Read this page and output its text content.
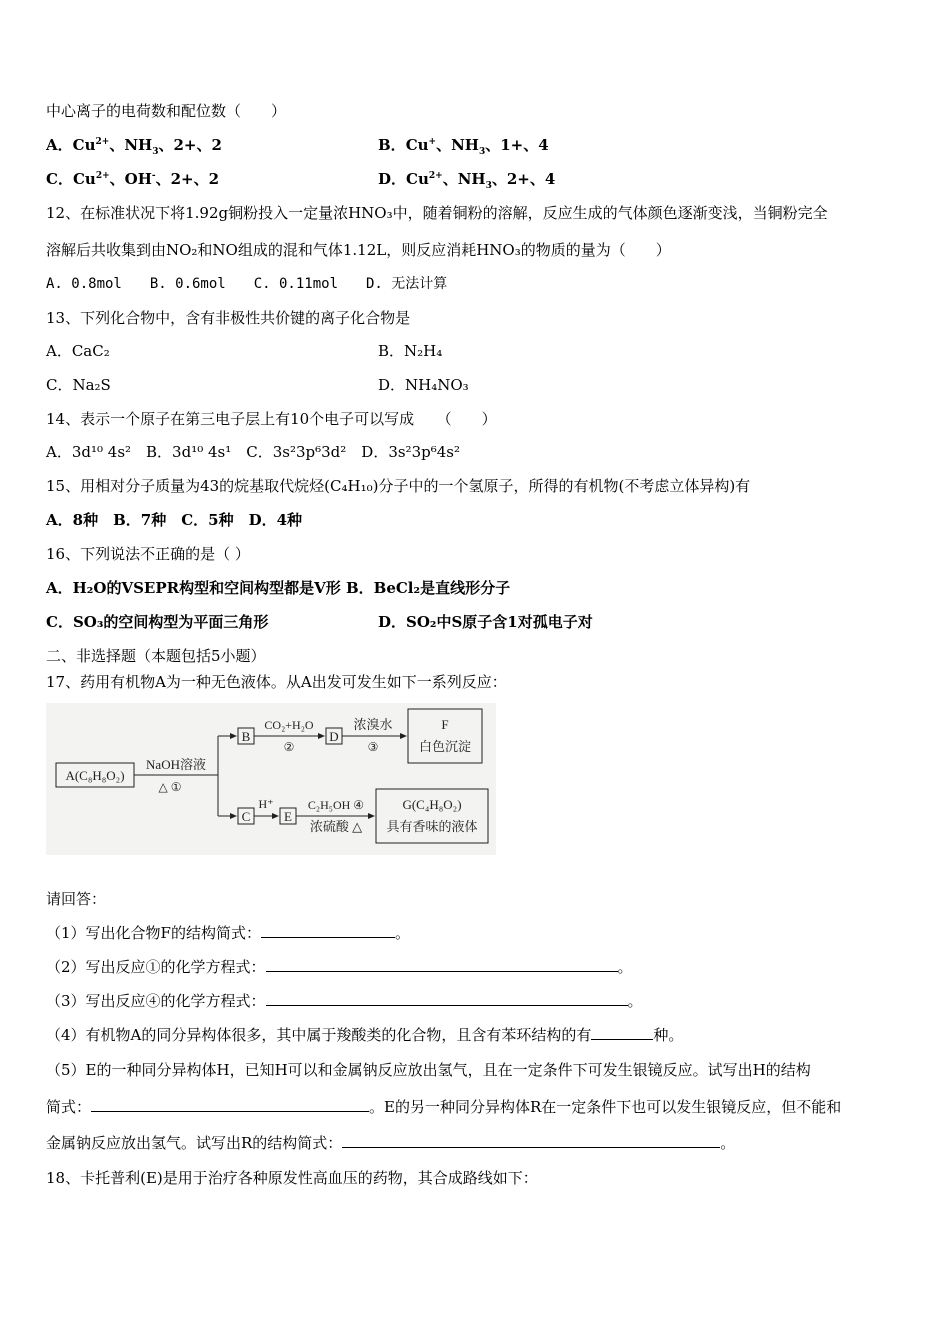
中心离子的电荷数和配位数（　　）
A．$Cu^{2+}$、$NH_3$、2+、2	B．Cu+、$NH_3$、1+、4
C．$Cu^{2+}$、OH-、2+、2	D．$Cu^{2+}$、$NH_3$、2+、4
12、在标准状况下将1.92g铜粉投入一定量浓HNO₃中，随着铜粉的溶解，反应生成的气体颜色逐渐变浅，当铜粉完全
溶解后共收集到由NO₂和NO组成的混和气体1.12L，则反应消耗HNO₃的物质的量为（　　）
A. 0.8mol　　B. 0.6mol　　C. 0.11mol　　D. 无法计算
13、下列化合物中，含有非极性共价键的离子化合物是
A．CaC₂	B．N₂H₄
C．Na₂S	D．NH₄NO₃
14、表示一个原子在第三电子层上有10个电子可以写成　　（　　）
A．3d¹⁰ 4s²　B．3d¹⁰ 4s¹　C．3s²3p⁶3d²　D．3s²3p⁶4s²
15、用相对分子质量为43的烷基取代烷烃(C₄H₁₀)分子中的一个氢原子，所得的有机物(不考虑立体异构)有
A．8种　B．7种　C．5种　D．4种
16、下列说法不正确的是（ ）
A．H₂O的VSEPR构型和空间构型都是V形 B．BeCl₂是直线形分子
C．SO₃的空间构型为平面三角形	D．SO₂中S原子含1对孤电子对
二、非选择题（本题包括5小题）
17、药用有机物A为一种无色液体。从A出发可发生如下一系列反应：
A(C₈H₈O₂)
NaOH溶液
△ ①
B
CO₂+H₂O
②
D
浓溴水
③
F
白色沉淀
C
H⁺
E
C₂H₅OH ④
浓硫酸 △
G(C₄H₈O₂)
具有香味的液体
请回答：
（1）写出化合物F的结构简式：	。
（2）写出反应①的化学方程式：	。
（3）写出反应④的化学方程式：	。
（4）有机物A的同分异构体很多，其中属于羧酸类的化合物，且含有苯环结构的有	种。
（5）E的一种同分异构体H，已知H可以和金属钠反应放出氢气，且在一定条件下可发生银镜反应。试写出H的结构
简式：	。E的另一种同分异构体R在一定条件下也可以发生银镜反应，但不能和
金属钠反应放出氢气。试写出R的结构简式：	。
18、卡托普利(E)是用于治疗各种原发性高血压的药物，其合成路线如下：
